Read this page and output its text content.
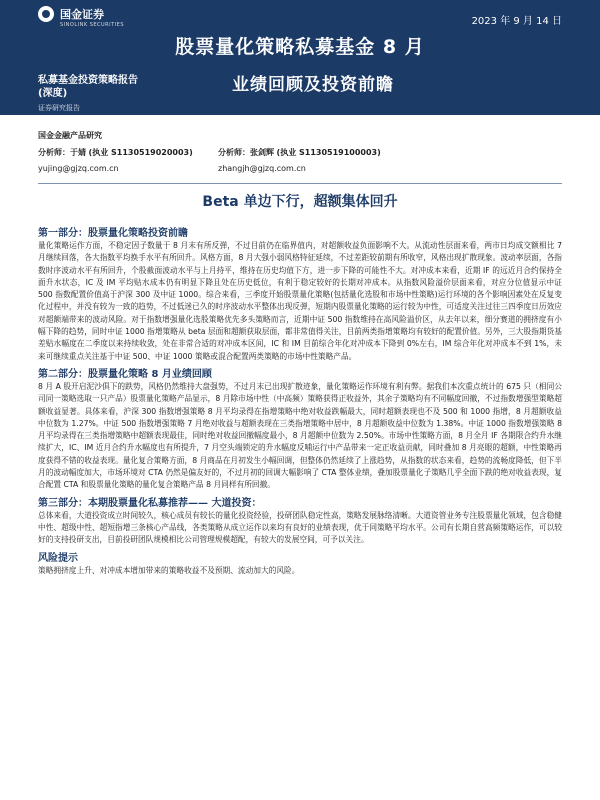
国金证券
SINOLINK SECURITIES	2023 年 9 月 14 日
股票量化策略私募基金 8 月
私募基金投资策略报告
(深度)	业绩回顾及投资前瞻
证券研究报告
国金金融产品研究
分析师：于婧 (执业 S1130519020003)	分析师：张剑辉 (执业 S1130519100003)
yujing@gjzq.com.cn	zhangjh@gjzq.com.cn
Beta 单边下行，超额集体回升
第一部分：股票量化策略投资前瞻

量化策略运作方面，不稳定因子数量于 8 月末有所反弹，不过目前仍在临界值内，对超额收益负面影响不大。从流动性层面来看，两市日均成交额相比 7 月继续回落，各大指数平均换手水平有所回升。风格方面，8 月大强小弱风格特征延续，不过差距较前期有所收窄，风格出现扩散现象。波动率层面，各指数时序波动水平有所回升，个股截面波动水平与上月持平，维持在历史均值下方，进一步下降的可能性不大。对冲成本来看，近期 IF 的远近月合约保持全面升水状态，IC 及 IM 平均贴水成本仍有明显下降且处在历史低位，有利于稳定较好的长期对冲成本。从指数风险溢价层面来看，对应分位值显示中证 500 指数配置价值高于沪深 300 及中证 1000。综合来看，三季度开始股票量化策略(包括量化选股和市场中性策略)运行环境的各个影响因素处在反复变化过程中，并没有较为一致的趋势，不过低迷已久的时序波动水平整体出现反弹，短期内股票量化策略的运行较为中性，可适度关注过往三四季度日历效应对超额端带来的波动风险。对于指数增强量化选股策略优先多头策略而言，近期中证 500 指数维持在高风险溢价区，从去年以来，细分赛道的拥挤度有小幅下降的趋势，同时中证 1000 指增策略从 beta 层面和超额获取层面，都非常值得关注，目前两类指增策略均有较好的配置价值。另外，三大股指期货基差贴水幅度在二季度以来持续收敛，处在非常合适的对冲成本区间，IC 和 IM 目前综合年化对冲成本下降到 0%左右，IM 综合年化对冲成本不到 1%，未来可继续重点关注基于中证 500、中证 1000 策略或混合配置两类策略的市场中性策略产品。

第二部分：股票量化策略 8 月业绩回顾

8 月 A 股开启泥沙俱下的跌势，风格仍然维持大盘强势，不过月末已出现扩散迹象，量化策略运作环境有利有弊。据我们本次重点统计的 675 只（相同公司同一策略选取一只产品）股票量化策略产品显示，8 月除市场中性（中高频）策略获得正收益外，其余子策略均有不同幅度回撤，不过指数增强型策略超额收益显著。具体来看，沪深 300 指数增强策略 8 月平均录得在指增策略中绝对收益跌幅最大，同时超额表现也不及 500 和 1000 指增，8 月超额收益中位数为 1.27%。中证 500 指数增强策略 7 月绝对收益与超额表现在三类指增策略中居中，8 月超额收益中位数为 1.38%。中证 1000 指数增强策略 8 月平均录得在三类指增策略中超额表现最佳，同时绝对收益回撤幅度最小，8 月超额中位数为 2.50%。市场中性策略方面，8 月全月 IF 各期限合约升水继续扩大，IC、IM 近月合约升水幅度也有所提升，7 月空头端锁定的升水幅度反哺运行中产品带来一定正收益贡献，同时叠加 8 月亮眼的超额，中性策略再度获得不错的收益表现。量化复合策略方面，8 月商品在月初发生小幅回调，但整体仍然延续了上涨趋势，从指数的状态来看，趋势的流畅度降低，但下半月的波动幅度加大，市场环境对 CTA 仍然是偏友好的，不过月初的回调大幅影响了 CTA 整体业绩，叠加股票量化子策略几乎全面下跌的绝对收益表现，复合配置 CTA 和股票量化策略的量化复合策略产品 8 月同样有所回撤。

第三部分：本期股票量化私募推荐—— 大道投资：

总体来看，大道投资成立时间较久，核心成员有较长的量化投资经验，投研团队稳定性高，策略发展脉络清晰。大道资管业务专注股票量化领域，包含稳健中性、超级中性、超短指增三条核心产品线，各类策略从成立运作以来均有良好的业绩表现，优于同策略平均水平。公司有长期自营高频策略运作，可以较好的支持投研支出，目前投研团队规模相比公司管理规模超配，有较大的发展空间，可予以关注。

风险提示

策略拥挤度上升、对冲成本增加带来的策略收益不及预期、流动加大的风险。
